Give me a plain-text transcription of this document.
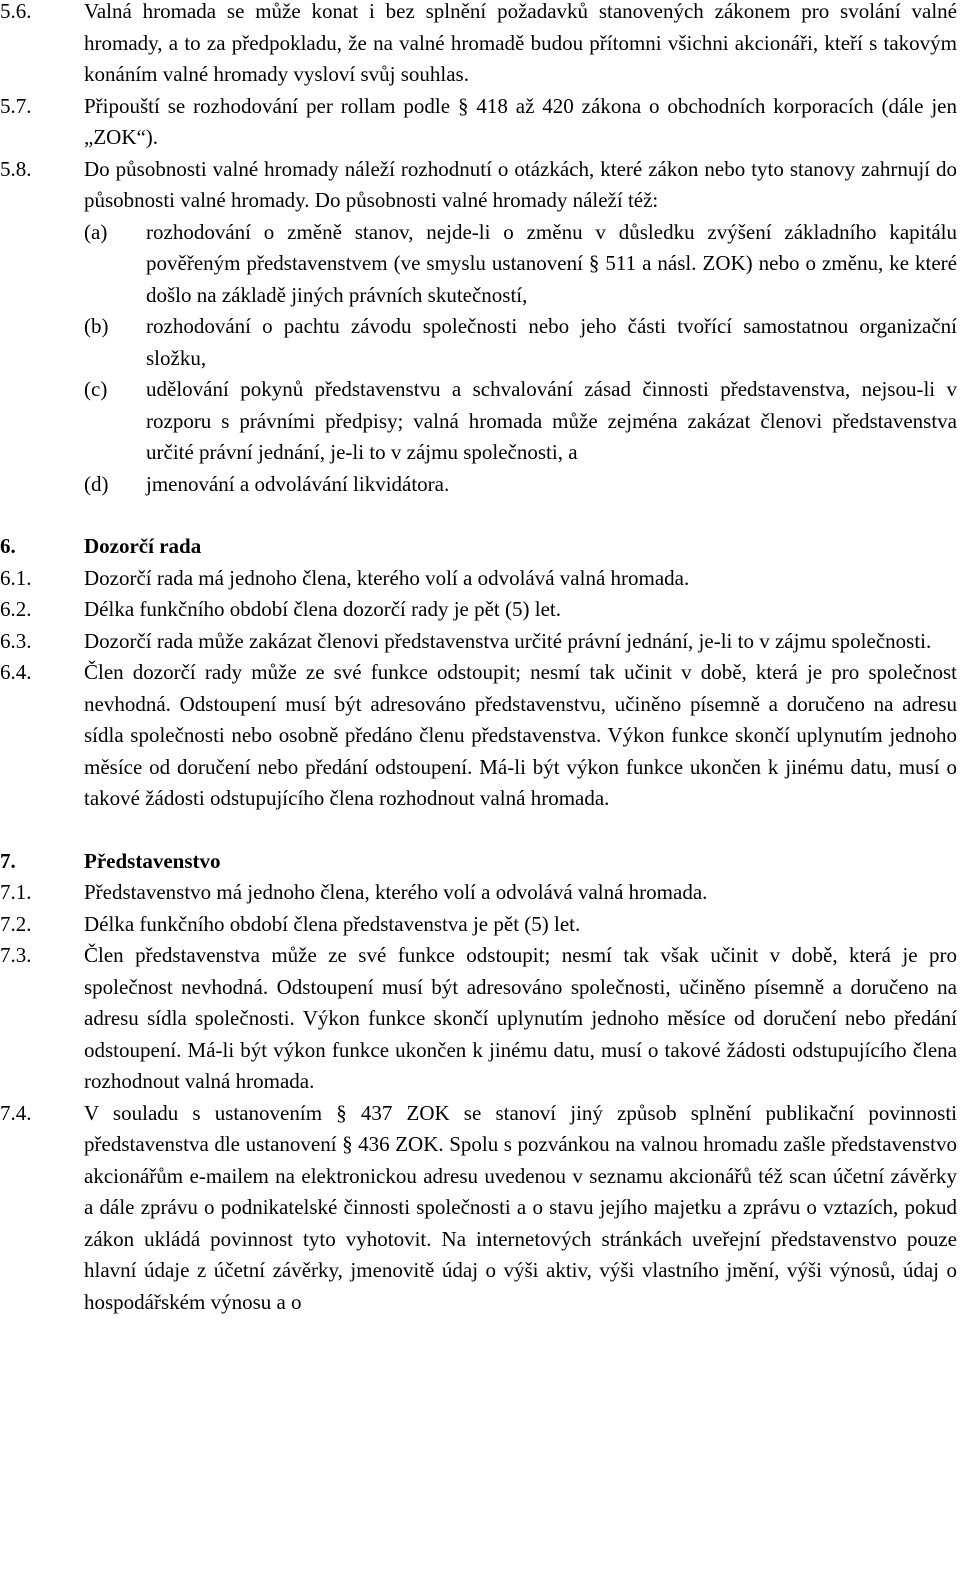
5.6.	Valná hromada se může konat i bez splnění požadavků stanovených zákonem pro svolání valné hromady, a to za předpokladu, že na valné hromadě budou přítomni všichni akcionáři, kteří s takovým konáním valné hromady vysloví svůj souhlas.
5.7.	Připouští se rozhodování per rollam podle § 418 až 420 zákona o obchodních korporacích (dále jen „ZOK“).
5.8.	Do působnosti valné hromady náleží rozhodnutí o otázkách, které zákon nebo tyto stanovy zahrnují do působnosti valné hromady. Do působnosti valné hromady náleží též:
(a) rozhodování o změně stanov, nejde-li o změnu v důsledku zvýšení základního kapitálu pověřeným představenstvem (ve smyslu ustanovení § 511 a násl. ZOK) nebo o změnu, ke které došlo na základě jiných právních skutečností,
(b) rozhodování o pachtu závodu společnosti nebo jeho části tvořící samostatnou organizační složku,
(c) udělování pokynů představenstvu a schvalování zásad činnosti představenstva, nejsou-li v rozporu s právními předpisy; valná hromada může zejména zakázat členovi představenstva určité právní jednání, je-li to v zájmu společnosti, a
(d) jmenování a odvolávání likvidátora.
6.	Dozorčí rada
6.1.	Dozorčí rada má jednoho člena, kterého volí a odvolává valná hromada.
6.2.	Délka funkčního období člena dozorčí rady je pět (5) let.
6.3.	Dozorčí rada může zakázat členovi představenstva určité právní jednání, je-li to v zájmu společnosti.
6.4.	Člen dozorčí rady může ze své funkce odstoupit; nesmí tak učinit v době, která je pro společnost nevhodná. Odstoupení musí být adresováno představenstvu, učiněno písemně a doručeno na adresu sídla společnosti nebo osobně předáno členu představenstva. Výkon funkce skončí uplynutím jednoho měsíce od doručení nebo předání odstoupení. Má-li být výkon funkce ukončen k jinému datu, musí o takové žádosti odstupujícího člena rozhodnout valná hromada.
7.	Představenstvo
7.1.	Představenstvo má jednoho člena, kterého volí a odvolává valná hromada.
7.2.	Délka funkčního období člena představenstva je pět (5) let.
7.3.	Člen představenstva může ze své funkce odstoupit; nesmí tak však učinit v době, která je pro společnost nevhodná. Odstoupení musí být adresováno společnosti, učiněno písemně a doručeno na adresu sídla společnosti. Výkon funkce skončí uplynutím jednoho měsíce od doručení nebo předání odstoupení. Má-li být výkon funkce ukončen k jinému datu, musí o takové žádosti odstupujícího člena rozhodnout valná hromada.
7.4.	V souladu s ustanovením § 437 ZOK se stanoví jiný způsob splnění publikační povinnosti představenstva dle ustanovení § 436 ZOK. Spolu s pozvánkou na valnou hromadu zašle představenstvo akcionářům e-mailem na elektronickou adresu uvedenou v seznamu akcionářů též scan účetní závěrky a dále zprávu o podnikatelské činnosti společnosti a o stavu jejího majetku a zprávu o vztazích, pokud zákon ukládá povinnost tyto vyhotovit. Na internetových stránkách uveřejní představenstvo pouze hlavní údaje z účetní závěrky, jmenovitě údaj o výši aktiv, výši vlastního jmění, výši výnosů, údaj o hospodářském výnosu a o
